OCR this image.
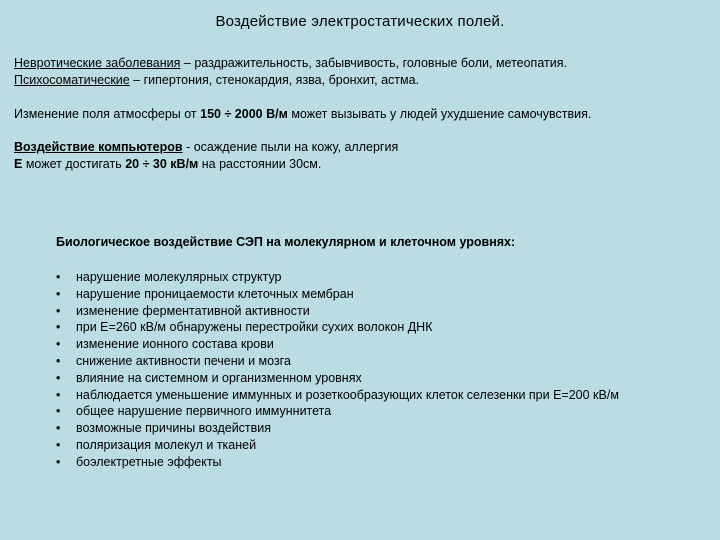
Воздействие электростатических полей.
Невротические заболевания – раздражительность, забывчивость, головные боли, метеопатия.
Психосоматические – гипертония, стенокардия, язва, бронхит, астма.
Изменение поля атмосферы от 150 ÷ 2000 В/м может вызывать у людей ухудшение самочувствия.
Воздействие компьютеров - осаждение пыли на кожу, аллергия
Е может достигать 20 ÷ 30 кВ/м на расстоянии 30см.
Биологическое воздействие СЭП на молекулярном и клеточном уровнях:
• нарушение молекулярных структур
• нарушение проницаемости клеточных мембран
• изменение ферментативной активности
• при Е=260 кВ/м обнаружены перестройки сухих волокон ДНК
• изменение ионного состава крови
• снижение активности печени и мозга
• влияние на системном и организменном уровнях
• наблюдается уменьшение иммунных и розеткообразующих клеток селезенки при Е=200 кВ/м
• общее нарушение первичного иммуннитета
• возможные причины воздействия
• поляризация молекул и тканей
• боэлектретные эффекты
